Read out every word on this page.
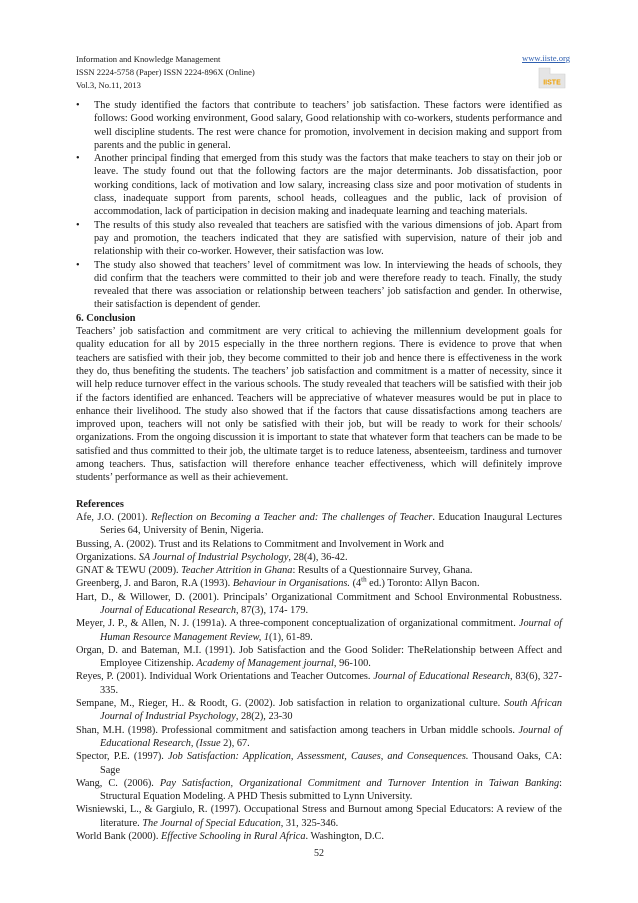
Information and Knowledge Management
ISSN 2224-5758 (Paper) ISSN 2224-896X (Online)
Vol.3, No.11, 2013
www.iiste.org
IISTE
• The study identified the factors that contribute to teachers’ job satisfaction. These factors were identified as follows: Good working environment, Good salary, Good relationship with co-workers, students performance and well discipline students. The rest were chance for promotion, involvement in decision making and support from parents and the public in general.
• Another principal finding that emerged from this study was the factors that make teachers to stay on their job or leave. The study found out that the following factors are the major determinants. Job dissatisfaction, poor working conditions, lack of motivation and low salary, increasing class size and poor motivation of students in class, inadequate support from parents, school heads, colleagues and the public, lack of provision of accommodation, lack of participation in decision making and inadequate learning and teaching materials.
• The results of this study also revealed that teachers are satisfied with the various dimensions of job. Apart from pay and promotion, the teachers indicated that they are satisfied with supervision, nature of their job and relationship with their co-worker. However, their satisfaction was low.
• The study also showed that teachers’ level of commitment was low. In interviewing the heads of schools, they did confirm that the teachers were committed to their job and were therefore ready to teach. Finally, the study revealed that there was association or relationship between teachers’ job satisfaction and gender. In otherwise, their satisfaction is dependent of gender.
6. Conclusion

Teachers’ job satisfaction and commitment are very critical to achieving the millennium development goals for quality education for all by 2015 especially in the three northern regions. There is evidence to prove that when teachers are satisfied with their job, they become committed to their job and hence there is effectiveness in the work they do, thus benefiting the students. The teachers’ job satisfaction and commitment is a matter of necessity, since it will help reduce turnover effect in the various schools. The study revealed that teachers will be satisfied with their job if the factors identified are enhanced. Teachers will be appreciative of whatever measures would be put in place to enhance their livelihood. The study also showed that if the factors that cause dissatisfactions among teachers are improved upon, teachers will not only be satisfied with their job, but will be ready to work for their schools/ organizations. From the ongoing discussion it is important to state that whatever form that teachers can be made to be satisfied and thus committed to their job, the ultimate target is to reduce lateness, absenteeism, tardiness and turnover among teachers. Thus, satisfaction will therefore enhance teacher effectiveness, which will definitely improve students’ performance as well as their achievement.

References

Afe, J.O. (2001). Reflection on Becoming a Teacher and: The challenges of Teacher. Education Inaugural Lectures Series 64, University of Benin, Nigeria.

Bussing, A. (2002). Trust and its Relations to Commitment and Involvement in Work and

Organizations. SA Journal of Industrial Psychology, 28(4), 36-42.

GNAT & TEWU (2009). Teacher Attrition in Ghana: Results of a Questionnaire Survey, Ghana.

Greenberg, J. and Baron, R.A (1993). Behaviour in Organisations. (4th ed.) Toronto: Allyn Bacon.

Hart, D., & Willower, D. (2001). Principals’ Organizational Commitment and School Environmental Robustness. Journal of Educational Research, 87(3), 174- 179.

Meyer, J. P., & Allen, N. J. (1991a). A three-component conceptualization of organizational commitment. Journal of Human Resource Management Review, 1(1), 61-89.

Organ, D. and Bateman, M.I. (1991). Job Satisfaction and the Good Solider: TheRelationship between Affect and Employee Citizenship. Academy of Management journal, 96-100.

Reyes, P. (2001). Individual Work Orientations and Teacher Outcomes. Journal of Educational Research, 83(6), 327-335.

Sempane, M., Rieger, H.. & Roodt, G. (2002). Job satisfaction in relation to organizational culture. South African Journal of Industrial Psychology, 28(2), 23-30

Shan, M.H. (1998). Professional commitment and satisfaction among teachers in Urban middle schools. Journal of Educational Research, (Issue 2), 67.

Spector, P.E. (1997). Job Satisfaction: Application, Assessment, Causes, and Consequences. Thousand Oaks, CA: Sage

Wang, C. (2006). Pay Satisfaction, Organizational Commitment and Turnover Intention in Taiwan Banking: Structural Equation Modeling. A PHD Thesis submitted to Lynn University.

Wisniewski, L., & Gargiulo, R. (1997). Occupational Stress and Burnout among Special Educators: A review of the literature. The Journal of Special Education, 31, 325-346.

World Bank (2000). Effective Schooling in Rural Africa. Washington, D.C.

52
